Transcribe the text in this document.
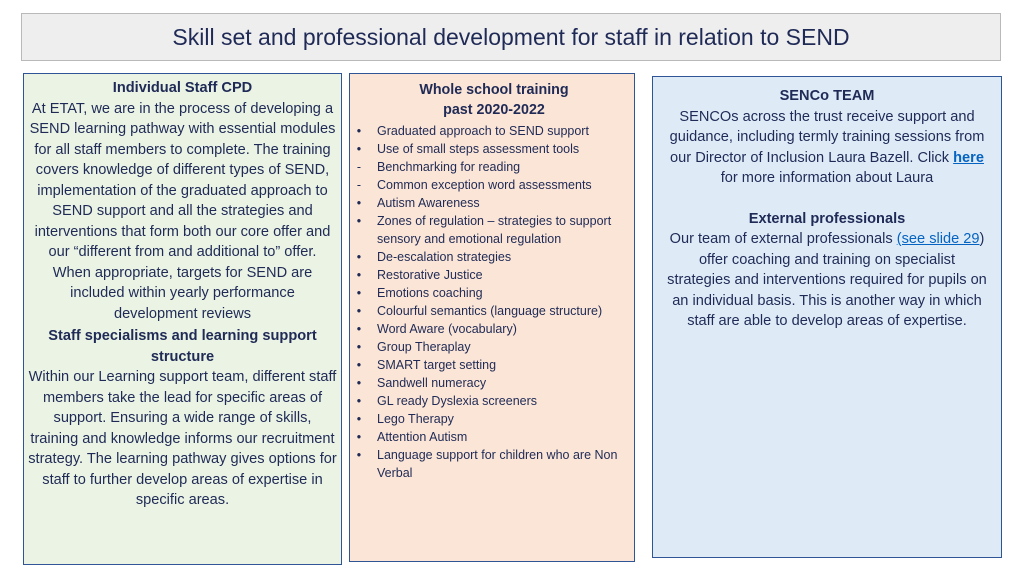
Skill set and professional development for staff in relation to SEND

Individual Staff CPD

At ETAT, we are in the process of developing a SEND learning pathway with essential modules for all staff members to complete. The training covers knowledge of different types of SEND, implementation of the graduated approach to SEND support and all the strategies and interventions that form both our core offer and our “different from and additional to” offer.

When appropriate, targets for SEND are included within yearly performance development reviews

Staff specialisms and learning support structure

Within our Learning support team, different staff members take the lead for specific areas of support. Ensuring a wide range of skills, training and knowledge informs our recruitment strategy. The learning pathway gives options for staff to further develop areas of expertise in specific areas.

Whole school training
past 2020-2022
• Graduated approach to SEND support
• Use of small steps assessment tools
- Benchmarking for reading
- Common exception word assessments
• Autism Awareness
• Zones of regulation – strategies to support sensory and emotional regulation
• De-escalation strategies
• Restorative Justice
• Emotions coaching
• Colourful semantics (language structure)
• Word Aware (vocabulary)
• Group Theraplay
• SMART target setting
• Sandwell numeracy
• GL ready Dyslexia screeners
• Lego Therapy
• Attention Autism
• Language support for children who are Non Verbal

SENCo TEAM

SENCOs across the trust receive support and guidance, including termly training sessions from our Director of Inclusion Laura Bazell. Click here for more information about Laura

External professionals

Our team of external professionals (see slide 29) offer coaching and training on specialist strategies and interventions required for pupils on an individual basis. This is another way in which staff are able to develop areas of expertise.
